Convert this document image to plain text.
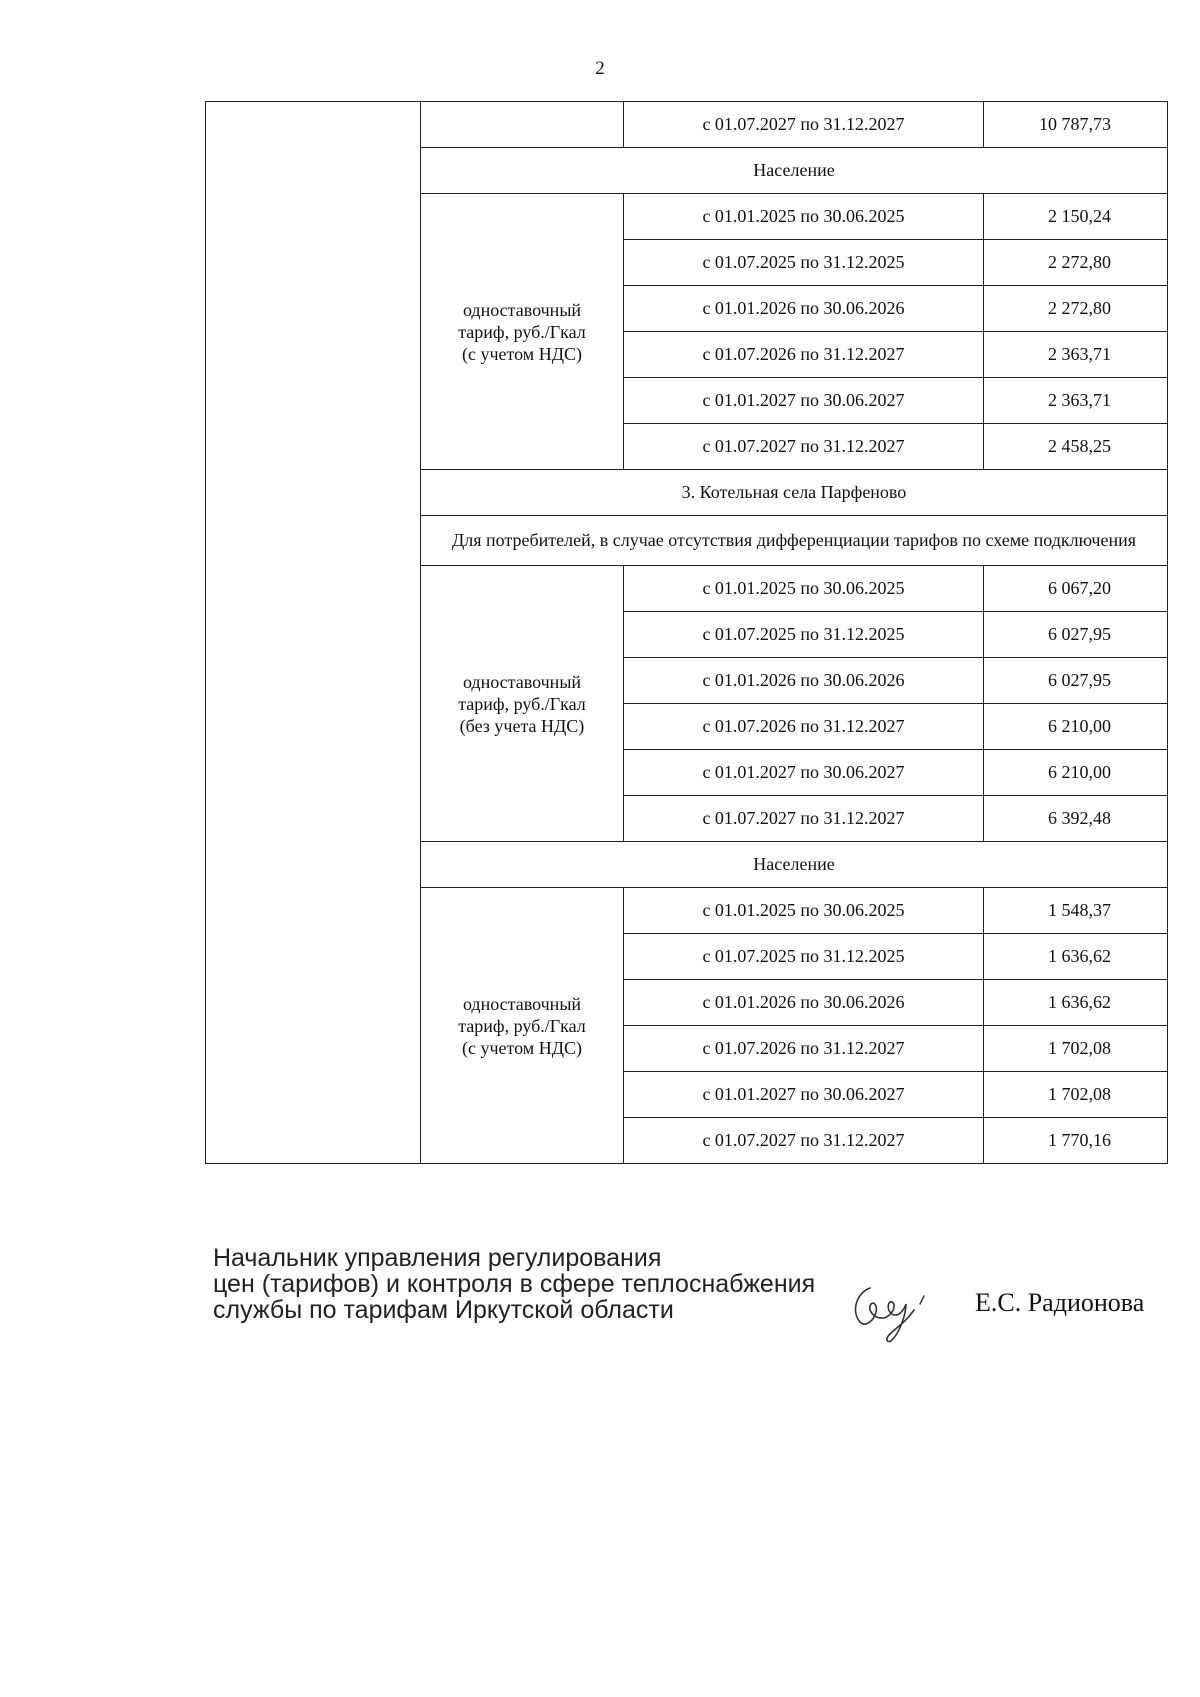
2
		с 01.07.2027 по 31.12.2027	10 787,73
	Население		

	одноставочный
тариф, руб./Гкал
(с учетом НДС)	с 01.01.2025 по 30.06.2025	2 150,24
		с 01.07.2025 по 31.12.2025	2 272,80
		с 01.01.2026 по 30.06.2026	2 272,80
		с 01.07.2026 по 31.12.2027	2 363,71
		с 01.01.2027 по 30.06.2027	2 363,71
		с 01.07.2027 по 31.12.2027	2 458,25
	3. Котельная села Парфеново		
	Для потребителей, в случае отсутствия дифференциации тарифов по схеме подключения		

	одноставочный
тариф, руб./Гкал
(без учета НДС)	с 01.01.2025 по 30.06.2025	6 067,20
		с 01.07.2025 по 31.12.2025	6 027,95
		с 01.01.2026 по 30.06.2026	6 027,95
		с 01.07.2026 по 31.12.2027	6 210,00
		с 01.01.2027 по 30.06.2027	6 210,00
		с 01.07.2027 по 31.12.2027	6 392,48
	Население		

	одноставочный
тариф, руб./Гкал
(с учетом НДС)	с 01.01.2025 по 30.06.2025	1 548,37
		с 01.07.2025 по 31.12.2025	1 636,62
		с 01.01.2026 по 30.06.2026	1 636,62
		с 01.07.2026 по 31.12.2027	1 702,08
		с 01.01.2027 по 30.06.2027	1 702,08
		с 01.07.2027 по 31.12.2027	1 770,16
Начальник управления регулирования
цен (тарифов) и контроля в сфере теплоснабжения
службы по тарифам Иркутской области	Е.С. Радионова
